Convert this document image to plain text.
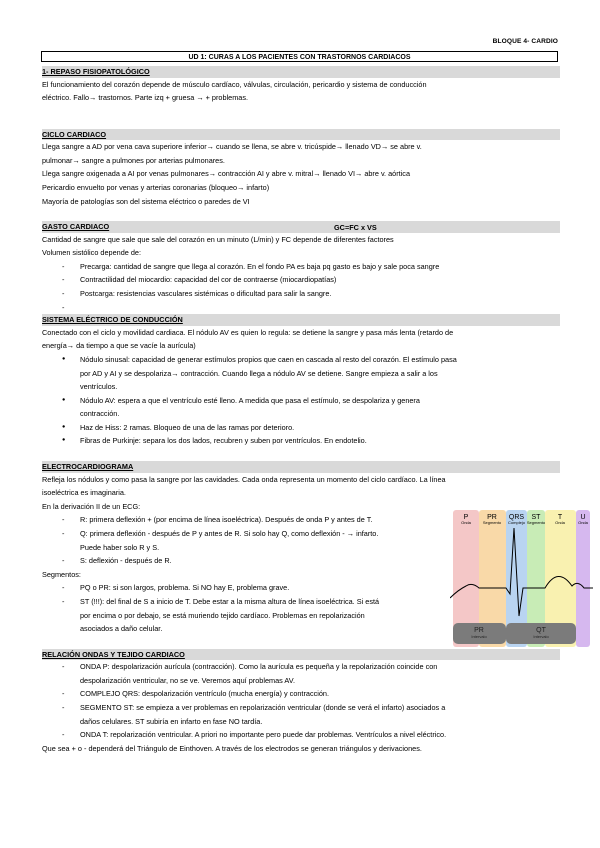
BLOQUE 4- CARDIO
UD 1: CURAS A LOS PACIENTES CON TRASTORNOS CARDIACOS
1- REPASO FISIOPATOLÓGICO

El funcionamiento del corazón depende de músculo cardíaco, válvulas, circulación, pericardio y sistema de conducción

eléctrico. Fallo→ trastornos. Parte izq + gruesa → + problemas.

CICLO CARDIACO

Llega sangre a AD por vena cava superiore inferior→ cuando se llena, se abre v. tricúspide→ llenado VD→ se abre v.

pulmonar→ sangre a pulmones por arterias pulmonares.

Llega sangre oxigenada a AI por venas pulmonares→ contracción AI y abre v. mitral→ llenado VI→ abre v. aórtica

Pericardio envuelto por venas y arterias coronarias (bloqueo→ infarto)

Mayoría de patologías son del sistema eléctrico o paredes de VI

GASTO CARDIACO	GC=FC x VS

Cantidad de sangre que sale que sale del corazón en un minuto (L/min) y FC depende de diferentes factores

Volumen sistólico depende de:

- Precarga: cantidad de sangre que llega al corazón. En el fondo PA es baja pq gasto es bajo y sale poca sangre
- Contractilidad del miocardio: capacidad del cor de contraerse (miocardiopatías)
- Postcarga: resistencias vasculares sistémicas o dificultad para salir la sangre.
-
SISTEMA ELÉCTRICO DE CONDUCCIÓN

Conectado con el ciclo y movilidad cardiaca. El nódulo AV es quien lo regula: se detiene la sangre y pasa más lenta (retardo de

energía→ da tiempo a que se vacíe la aurícula)

● Nódulo sinusal: capacidad de generar estímulos propios que caen en cascada al resto del corazón. El estímulo pasa
por AD y AI y se despolariza→ contracción. Cuando llega a nódulo AV se detiene. Sangre empieza a salir a los
ventrículos.
● Nódulo AV: espera a que el ventrículo esté lleno. A medida que pasa el estímulo, se despolariza y genera
contracción.
● Haz de Hiss: 2 ramas. Bloqueo de una de las ramas por deterioro.
● Fibras de Purkinje: separa los dos lados, recubren y suben por ventrículos. En endotelio.
ELECTROCARDIOGRAMA

Refleja los nódulos y como pasa la sangre por las cavidades. Cada onda representa un momento del ciclo cardíaco. La línea

isoeléctrica es imaginaria.

En la derivación II de un ECG:

- R: primera deflexión + (por encima de línea isoeléctrica). Después de onda P y antes de T.
- Q: primera deflexión - después de P y antes de R. Si solo hay Q, como deflexión - → infarto.
Puede haber solo R y S.
- S: deflexión - después de R.

Segmentos:

- PQ o PR: si son largos, problema. Si NO hay E, problema grave.
- ST (!!!): del final de S a inicio de T. Debe estar a la misma altura de línea isoeléctrica. Si está
por encima o por debajo, se está muriendo tejido cardíaco. Problemas en repolarización
asociados a daño celular.
RELACIÓN ONDAS Y TEJIDO CARDIACO
- ONDA P: despolarización aurícula (contracción). Como la aurícula es pequeña y la repolarización coincide con
despolarización ventricular, no se ve. Veremos aquí problemas AV.
- COMPLEJO QRS: despolarización ventrículo (mucha energía) y contracción.
- SEGMENTO ST: se empieza a ver problemas en repolarización ventricular (donde se verá el infarto) asociados a
daños celulares. ST subiría en infarto en fase NO tardía.
- ONDA T: repolarización ventricular. A priori no importante pero puede dar problemas. Ventrículos a nivel eléctrico.

Que sea + o - dependerá del Triángulo de Einthoven. A través de los electrodos se generan triángulos y derivaciones.

P	PR QRS ST T	U
Onda	Segmento Complejo Segmento Onda	Onda
PR
Intervalo
QT
Intervalo
